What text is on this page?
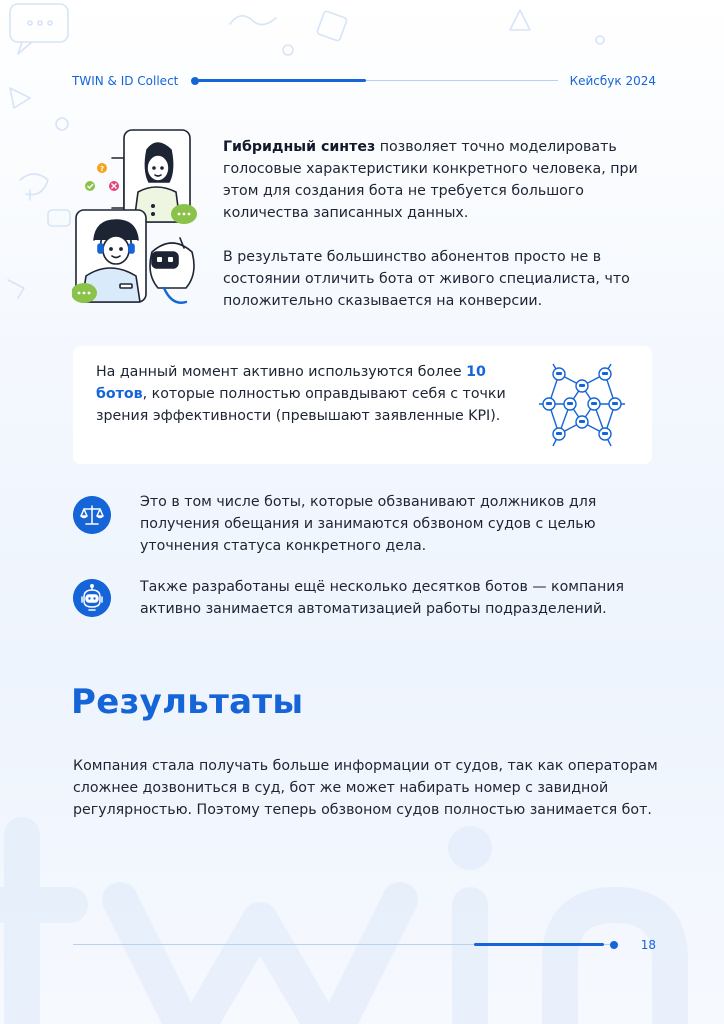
TWIN & ID Collect	Кейсбук 2024
?

Гибридный синтез позволяет точно моделировать голосовые характеристики конкретного человека, при этом для создания бота не требуется большого количества записанных данных.

В результате большинство абонентов просто не в состоянии отличить бота от живого специалиста, что положительно сказывается на конверсии.

На данный момент активно используются более 10 ботов, которые полностью оправдывают себя с точки зрения эффективности (превышают заявленные KPI).

Это в том числе боты, которые обзванивают должников для получения обещания и занимаются обзвоном судов с целью уточнения статуса конкретного дела.

Также разработаны ещё несколько десятков ботов — компания активно занимается автоматизацией работы подразделений.

Результаты

Компания стала получать больше информации от судов, так как операторам сложнее дозвониться в суд, бот же может набирать номер с завидной регулярностью. Поэтому теперь обзвоном судов полностью занимается бот.

18
